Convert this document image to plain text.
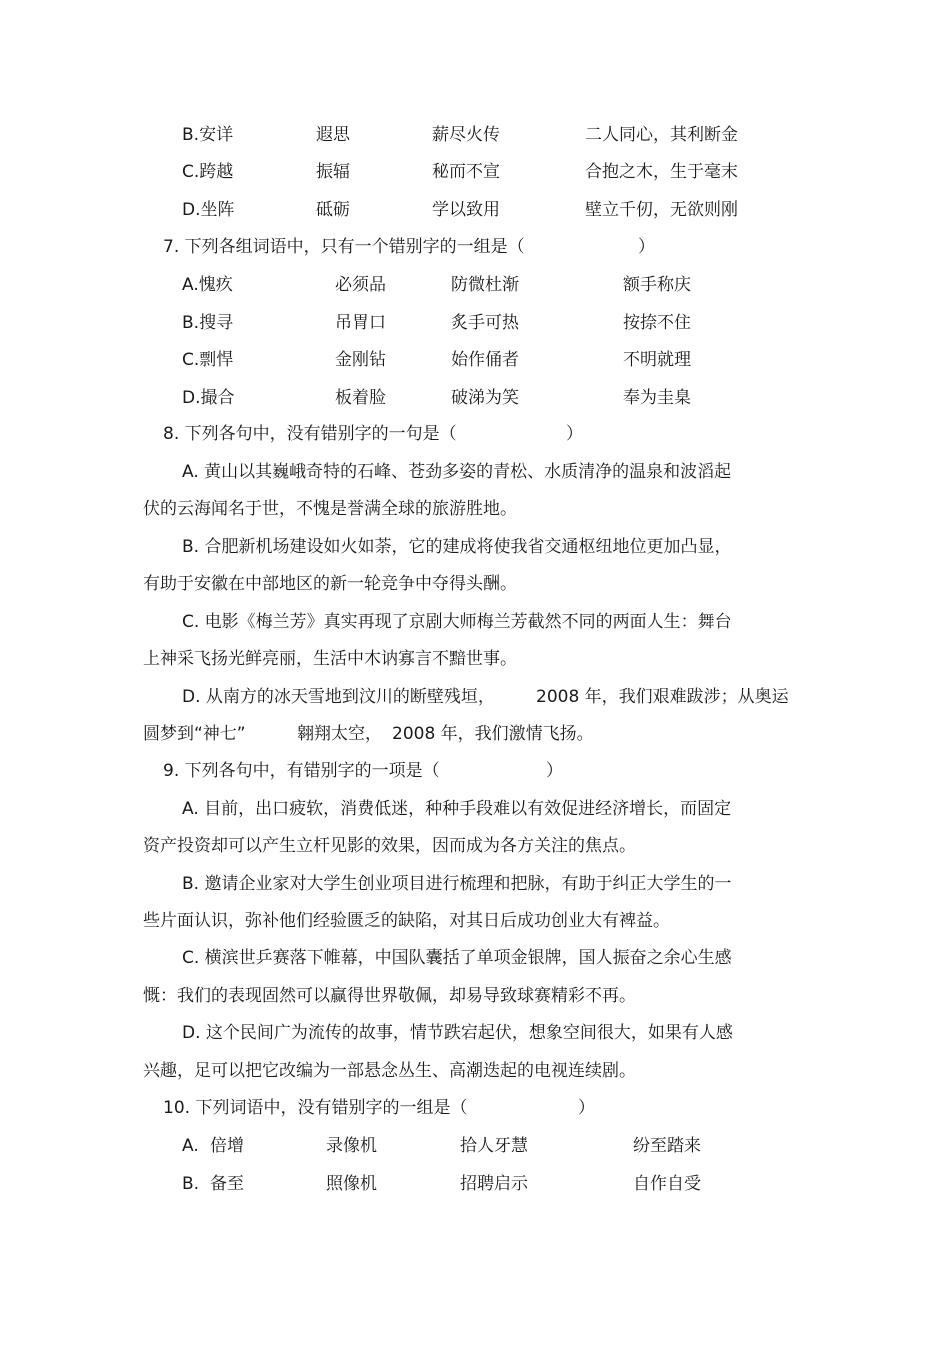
B.安详	遐思	薪尽火传	二人同心，其利断金
C.跨越	振辐	秘而不宣	合抱之木，生于毫末
D.坐阵	砥砺	学以致用	壁立千仞，无欲则刚
7. 下列各组词语中，只有一个错别字的一组是（	）
A.愧疚	必须品	防微杜渐	额手称庆
B.搜寻	吊胃口	炙手可热	按捺不住
C.剽悍	金刚钻	始作俑者	不明就理
D.撮合	板着脸	破涕为笑	奉为圭臬
8. 下列各句中，没有错别字的一句是（	）
A. 黄山以其巍峨奇特的石峰、苍劲多姿的青松、水质清净的温泉和波滔起
伏的云海闻名于世，不愧是誉满全球的旅游胜地。
B. 合肥新机场建设如火如荼，它的建成将使我省交通枢纽地位更加凸显，
有助于安徽在中部地区的新一轮竞争中夺得头酬。
C. 电影《梅兰芳》真实再现了京剧大师梅兰芳截然不同的两面人生：舞台
上神采飞扬光鲜亮丽，生活中木讷寡言不黯世事。
D. 从南方的冰天雪地到汶川的断壁残垣， 2008 年，我们艰难跋涉；从奥运
圆梦到“神七”	翱翔太空， 2008 年，我们激情飞扬。
9. 下列各句中，有错别字的一项是（	）
A. 目前，出口疲软，消费低迷，种种手段难以有效促进经济增长，而固定
资产投资却可以产生立杆见影的效果，因而成为各方关注的焦点。
B. 邀请企业家对大学生创业项目进行梳理和把脉，有助于纠正大学生的一
些片面认识，弥补他们经验匮乏的缺陷，对其日后成功创业大有裨益。
C. 横滨世乒赛落下帷幕，中国队囊括了单项金银牌，国人振奋之余心生感
慨：我们的表现固然可以赢得世界敬佩，却易导致球赛精彩不再。
D. 这个民间广为流传的故事，情节跌宕起伏，想象空间很大，如果有人感
兴趣，足可以把它改编为一部悬念丛生、高潮迭起的电视连续剧。
10. 下列词语中，没有错别字的一组是（	）
A. 倍增	录像机	拾人牙慧	纷至踏来
B. 备至	照像机	招聘启示	自作自受
